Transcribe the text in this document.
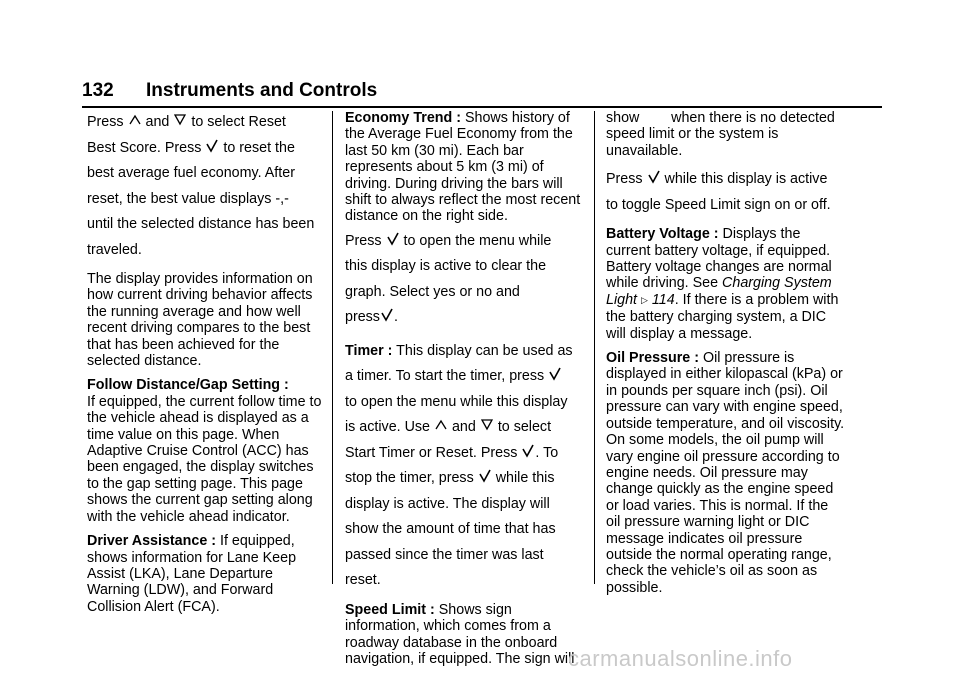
132 Instruments and Controls

Press and to select Reset
Best Score. Press to reset the
best average fuel economy. After
reset, the best value displays -,-
until the selected distance has been
traveled.

The display provides information on how current driving behavior affects the running average and how well recent driving compares to the best that has been achieved for the selected distance.

Follow Distance/Gap Setting :
If equipped, the current follow time to the vehicle ahead is displayed as a time value on this page. When Adaptive Cruise Control (ACC) has been engaged, the display switches to the gap setting page. This page shows the current gap setting along with the vehicle ahead indicator.

Driver Assistance : If equipped, shows information for Lane Keep Assist (LKA), Lane Departure Warning (LDW), and Forward Collision Alert (FCA).

Economy Trend : Shows history of the Average Fuel Economy from the last 50 km (30 mi). Each bar represents about 5 km (3 mi) of driving. During driving the bars will shift to always reflect the most recent distance on the right side.

Press to open the menu while
this display is active to clear the
graph. Select yes or no and
press .

Timer : This display can be used as
a timer. To start the timer, press

to open the menu while this display
is active. Use and to select
Start Timer or Reset. Press . To
stop the timer, press while this
display is active. The display will
show the amount of time that has
passed since the timer was last
reset.

Speed Limit : Shows sign information, which comes from a roadway database in the onboard navigation, if equipped. The sign will

show        when there is no detected speed limit or the system is unavailable.

Press while this display is active
to toggle Speed Limit sign on or off.

Battery Voltage : Displays the current battery voltage, if equipped. Battery voltage changes are normal while driving. See Charging System Light ▷ 114. If there is a problem with the battery charging system, a DIC will display a message.

Oil Pressure : Oil pressure is displayed in either kilopascal (kPa) or in pounds per square inch (psi). Oil pressure can vary with engine speed, outside temperature, and oil viscosity. On some models, the oil pump will vary engine oil pressure according to engine needs. Oil pressure may change quickly as the engine speed or load varies. This is normal. If the oil pressure warning light or DIC message indicates oil pressure outside the normal operating range, check the vehicle’s oil as soon as possible.

carmanualsonline.info
